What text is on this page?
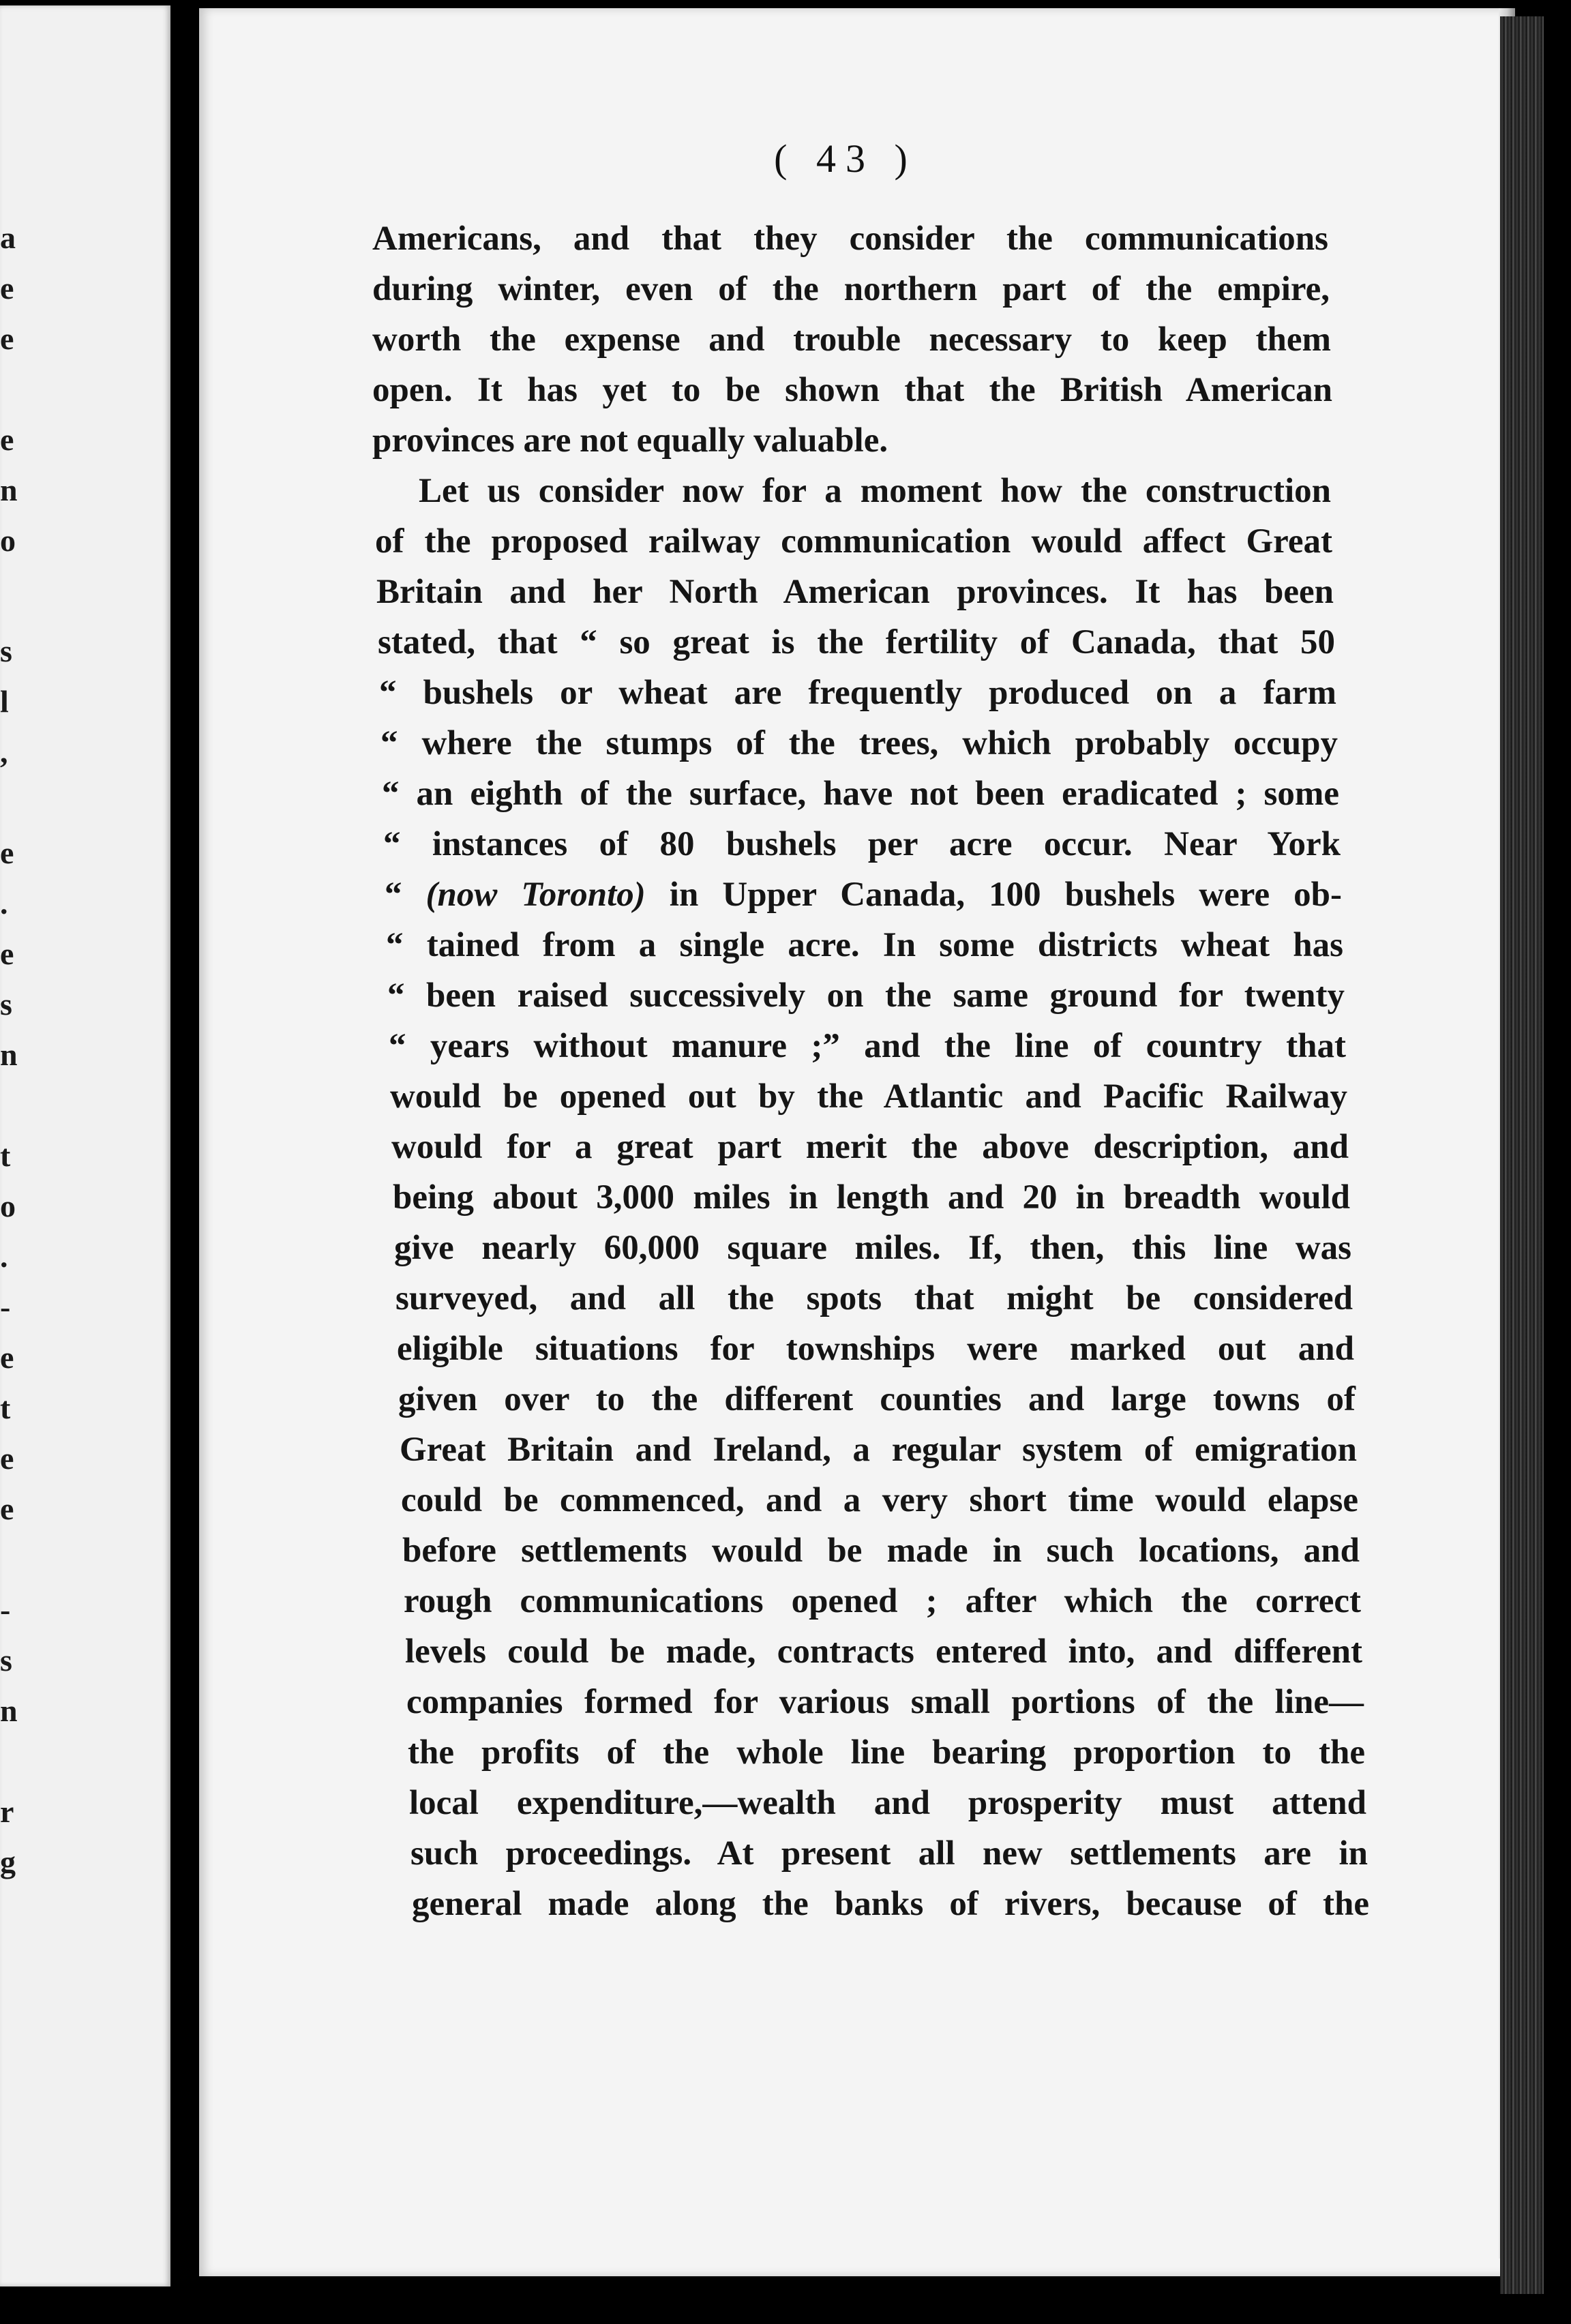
a
e
e
e
n
o
s
l
,
e
.
e
s
n
t
o
.
-
e
t
e
e
-
s
n
r
g
( 43 )

Americans, and that they consider the communications

during winter, even of the northern part of the empire,

worth the expense and trouble necessary to keep them

open. It has yet to be shown that the British American

provinces are not equally valuable.

Let us consider now for a moment how the construction

of the proposed railway communication would affect Great

Britain and her North American provinces. It has been

stated, that “ so great is the fertility of Canada, that 50

“ bushels or wheat are frequently produced on a farm

“ where the stumps of the trees, which probably occupy

“ an eighth of the surface, have not been eradicated ; some

“ instances of 80 bushels per acre occur. Near York

“ (now Toronto) in Upper Canada, 100 bushels were ob-

“ tained from a single acre. In some districts wheat has

“ been raised successively on the same ground for twenty

“ years without manure ;” and the line of country that

would be opened out by the Atlantic and Pacific Railway

would for a great part merit the above description, and

being about 3,000 miles in length and 20 in breadth would

give nearly 60,000 square miles. If, then, this line was

surveyed, and all the spots that might be considered

eligible situations for townships were marked out and

given over to the different counties and large towns of

Great Britain and Ireland, a regular system of emigration

could be commenced, and a very short time would elapse

before settlements would be made in such locations, and

rough communications opened ; after which the correct

levels could be made, contracts entered into, and different

companies formed for various small portions of the line—

the profits of the whole line bearing proportion to the

local expenditure,—wealth and prosperity must attend

such proceedings. At present all new settlements are in

general made along the banks of rivers, because of the
